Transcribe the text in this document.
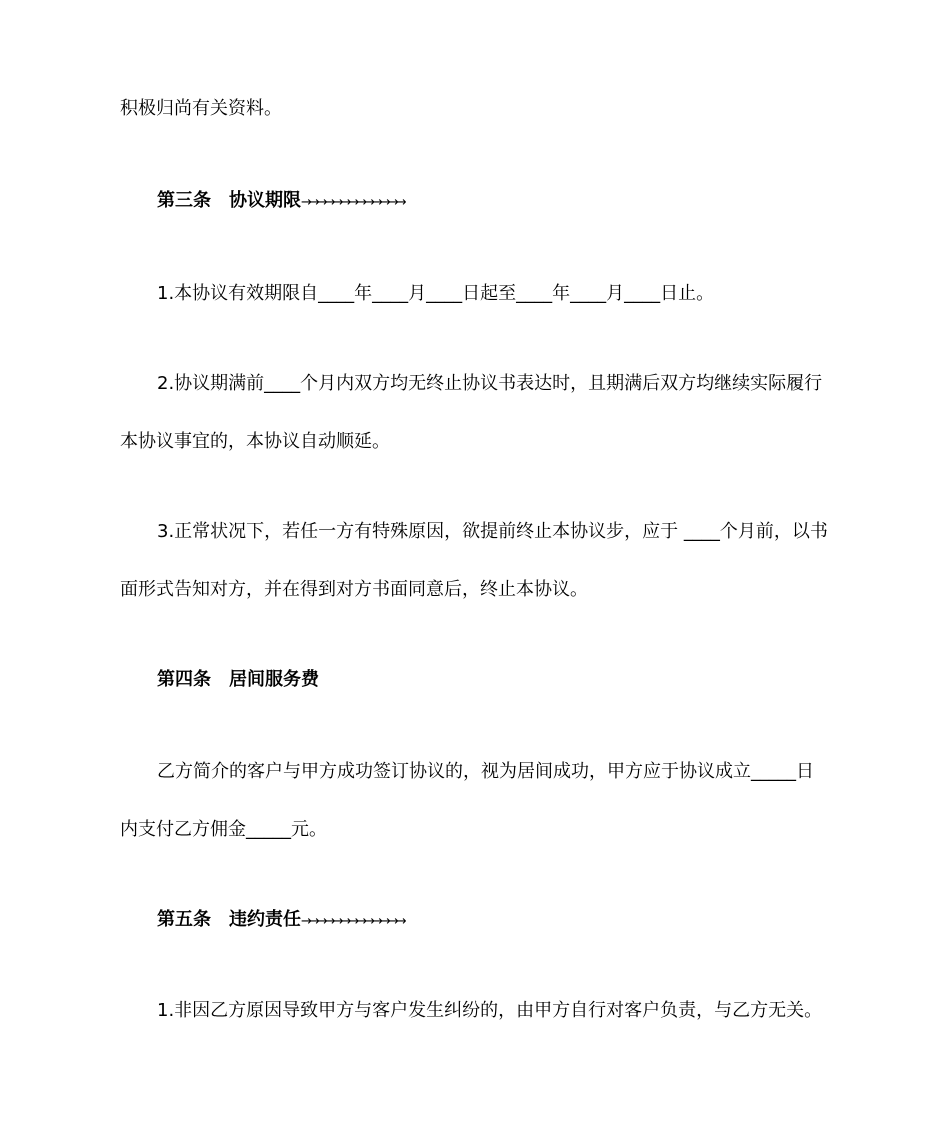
积极归尚有关资料。
第三条 协议期限→→→→→→→→→→→→→
1.本协议有效期限自____年____月____日起至____年____月____日止。
2.协议期满前____个月内双方均无终止协议书表达时，且期满后双方均继续实际履行
本协议事宜的，本协议自动顺延。
3.正常状况下，若任一方有特殊原因，欲提前终止本协议步，应于 ____个月前，以书
面形式告知对方，并在得到对方书面同意后，终止本协议。
第四条 居间服务费
乙方简介的客户与甲方成功签订协议的，视为居间成功，甲方应于协议成立_____日
内支付乙方佣金_____元。
第五条 违约责任→→→→→→→→→→→→→
1.非因乙方原因导致甲方与客户发生纠纷的，由甲方自行对客户负责，与乙方无关。
